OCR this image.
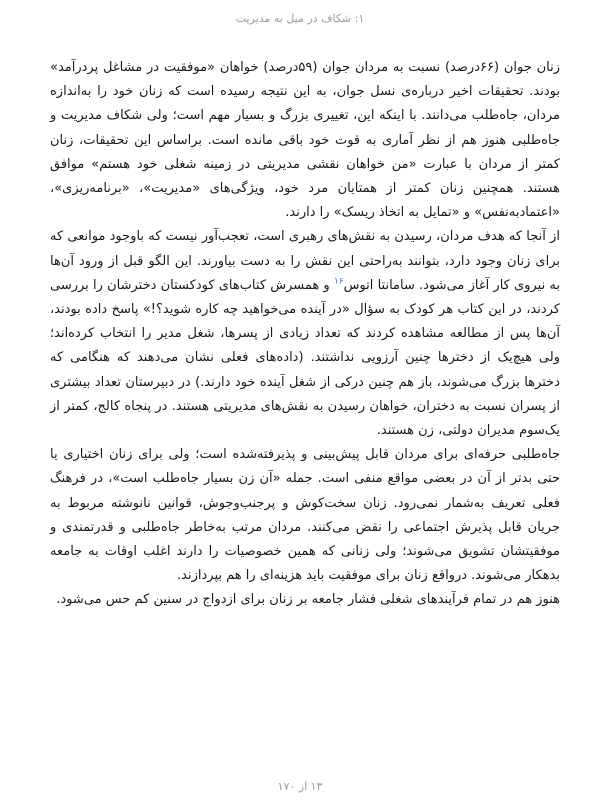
۱: شکاف در میل به مدیریت

زنان جوان (۶۶درصد) نسبت به مردان جوان (۵۹درصد) خواهان «موفقیت در مشاغل پردرآمد» بودند. تحقیقات اخیر درباره‌ی نسل جوان، به این نتیجه رسیده است که زنان خود را به‌اندازه مردان، جاه‌طلب می‌دانند. با اینکه این، تغییری بزرگ و بسیار مهم است؛ ولی شکاف مدیریت و جاه‌طلبی هنوز هم از نظر آماری به قوت خود باقی مانده است. براساس این تحقیقات، زنان کمتر از مردان با عبارت «من خواهان نقشی مدیریتی در زمینه شغلی خود هستم» موافق هستند. همچنین زنان کمتر از همتایان مرد خود، ویژگی‌های «مدیریت»، «برنامه‌ریزی»، «اعتمادبه‌نفس» و «تمایل به اتخاذ ریسک» را دارند.

از آنجا که هدف مردان، رسیدن به نقش‌های رهبری است، تعجب‌آور نیست که باوجود موانعی که برای زنان وجود دارد، بتوانند به‌راحتی این نقش را به دست بیاورند. این الگو قبل از ورود آن‌ها به نیروی کار آغاز می‌شود. سامانتا اتوس$^{۱۶}$ و همسرش کتاب‌های کودکستان دخترشان را بررسی کردند، در این کتاب هر کودک به سؤال «در آینده می‌خواهید چه کاره شوید؟!» پاسخ داده بودند، آن‌ها پس از مطالعه مشاهده کردند که تعداد زیادی از پسرها، شغل مدیر را انتخاب کرده‌اند؛ ولی هیچ‌یک از دخترها چنین آرزویی نداشتند. (داده‌های فعلی نشان می‌دهند که هنگامی که دخترها بزرگ می‌شوند، باز هم چنین درکی از شغل آینده خود دارند.) در دبیرستان تعداد بیشتری از پسران نسبت به دختران، خواهان رسیدن به نقش‌های مدیریتی هستند. در پنجاه کالج، کمتر از یک‌سوم مدیران دولتی، زن هستند.

جاه‌طلبی حرفه‌ای برای مردان قابل پیش‌بینی و پذیرفته‌شده است؛ ولی برای زنان اختیاری یا حتی بدتر از آن در بعضی مواقع منفی است. جمله «آن زن بسیار جاه‌طلب است»، در فرهنگ فعلی تعریف به‌شمار نمی‌رود. زنان سخت‌کوش و پرجنب‌وجوش، قوانین نانوشته مربوط به جریان قابل پذیرش اجتماعی را نقض می‌کنند. مردان مرتب به‌خاطر جاه‌طلبی و قدرتمندی و موفقیتشان تشویق می‌شوند؛ ولی زنانی که همین خصوصیات را دارند اغلب اوقات به جامعه بدهکار می‌شوند. درواقع زنان برای موفقیت باید هزینه‌ای را هم بپردازند.

هنوز هم در تمام فرآیندهای شغلی فشار جامعه بر زنان برای ازدواج در سنین کم حس می‌شود.

۱۳ از ۱۷۰
